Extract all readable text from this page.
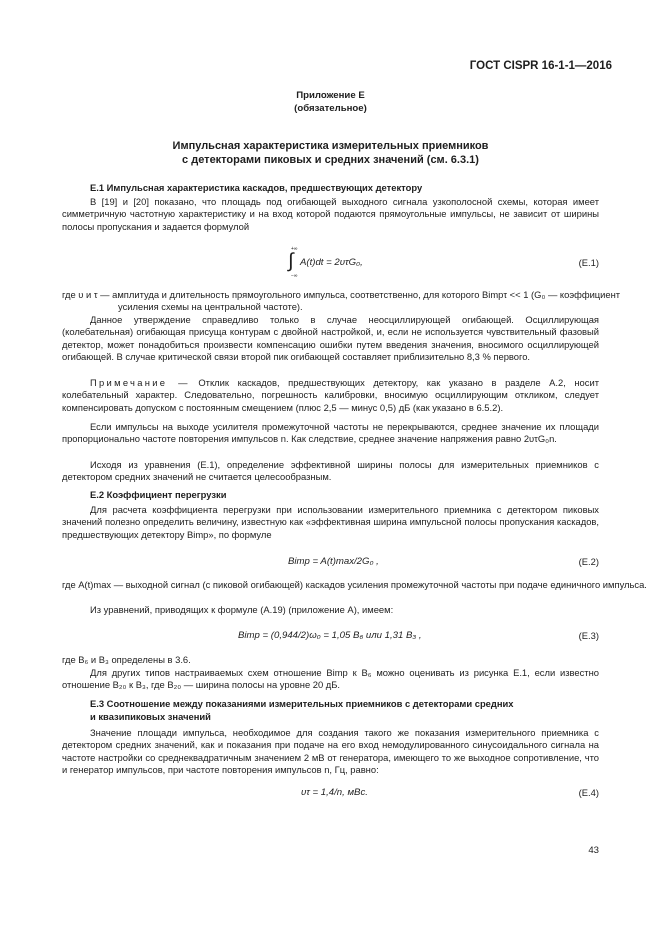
ГОСТ CISPR 16-1-1—2016
Приложение Е
(обязательное)
Импульсная характеристика измерительных приемников
с детекторами пиковых и средних значений (см. 6.3.1)
Е.1 Импульсная характеристика каскадов, предшествующих детектору

В [19] и [20] показано, что площадь под огибающей выходного сигнала узкополосной схемы, которая имеет симметричную частотную характеристику и на вход которой подаются прямоугольные импульсы, не зависит от ширины полосы пропускания и задается формулой

+∞
∫
−∞
A(t)dt = 2υτG₀,	(E.1)

где υ и τ — амплитуда и длительность прямоугольного импульса, соответственно, для которого Bimpτ << 1 (G₀ — коэффициент усиления схемы на центральной частоте).

Данное утверждение справедливо только в случае неосциллирующей огибающей. Осциллирующая (колебательная) огибающая присуща контурам с двойной настройкой, и, если не используется чувствительный фазовый детектор, может понадобиться произвести компенсацию ошибки путем введения значения, вносимого осциллирующей огибающей. В случае критической связи второй пик огибающей составляет приблизительно 8,3 % первого.

Примечание — Отклик каскадов, предшествующих детектору, как указано в разделе А.2, носит колебательный характер. Следовательно, погрешность калибровки, вносимую осциллирующим откликом, следует компенсировать допуском с постоянным смещением (плюс 2,5 — минус 0,5) дБ (как указано в 6.5.2).

Если импульсы на выходе усилителя промежуточной частоты не перекрываются, среднее значение их площади пропорционально частоте повторения импульсов n. Как следствие, среднее значение напряжения равно 2υτG₀n.

Исходя из уравнения (Е.1), определение эффективной ширины полосы для измерительных приемников с детектором средних значений не считается целесообразным.

Е.2 Коэффициент перегрузки

Для расчета коэффициента перегрузки при использовании измерительного приемника с детектором пиковых значений полезно определить величину, известную как «эффективная ширина импульсной полосы пропускания каскадов, предшествующих детектору Bimp», по формуле

Bimp = A(t)max/2G₀ ,	(E.2)

где A(t)max — выходной сигнал (с пиковой огибающей) каскадов усиления промежуточной частоты при подаче единичного импульса.

Из уравнений, приводящих к формуле (А.19) (приложение А), имеем:

Bimp = (0,944/2)ω₀ = 1,05 B₆ или 1,31 B₃ ,	(E.3)

где B₆ и B₃ определены в 3.6.

Для других типов настраиваемых схем отношение Bimp к B₆ можно оценивать из рисунка Е.1, если известно отношение B₂₀ к B₃, где B₂₀ — ширина полосы на уровне 20 дБ.

Е.3 Соотношение между показаниями измерительных приемников с детекторами средних
и квазипиковых значений

Значение площади импульса, необходимое для создания такого же показания измерительного приемника с детектором средних значений, как и показания при подаче на его вход немодулированного синусоидального сигнала на частоте настройки со среднеквадратичным значением 2 мВ от генератора, имеющего то же выходное сопротивление, что и генератор импульсов, при частоте повторения импульсов n, Гц, равно:

υτ = 1,4/n, мВс.	(E.4)
43
